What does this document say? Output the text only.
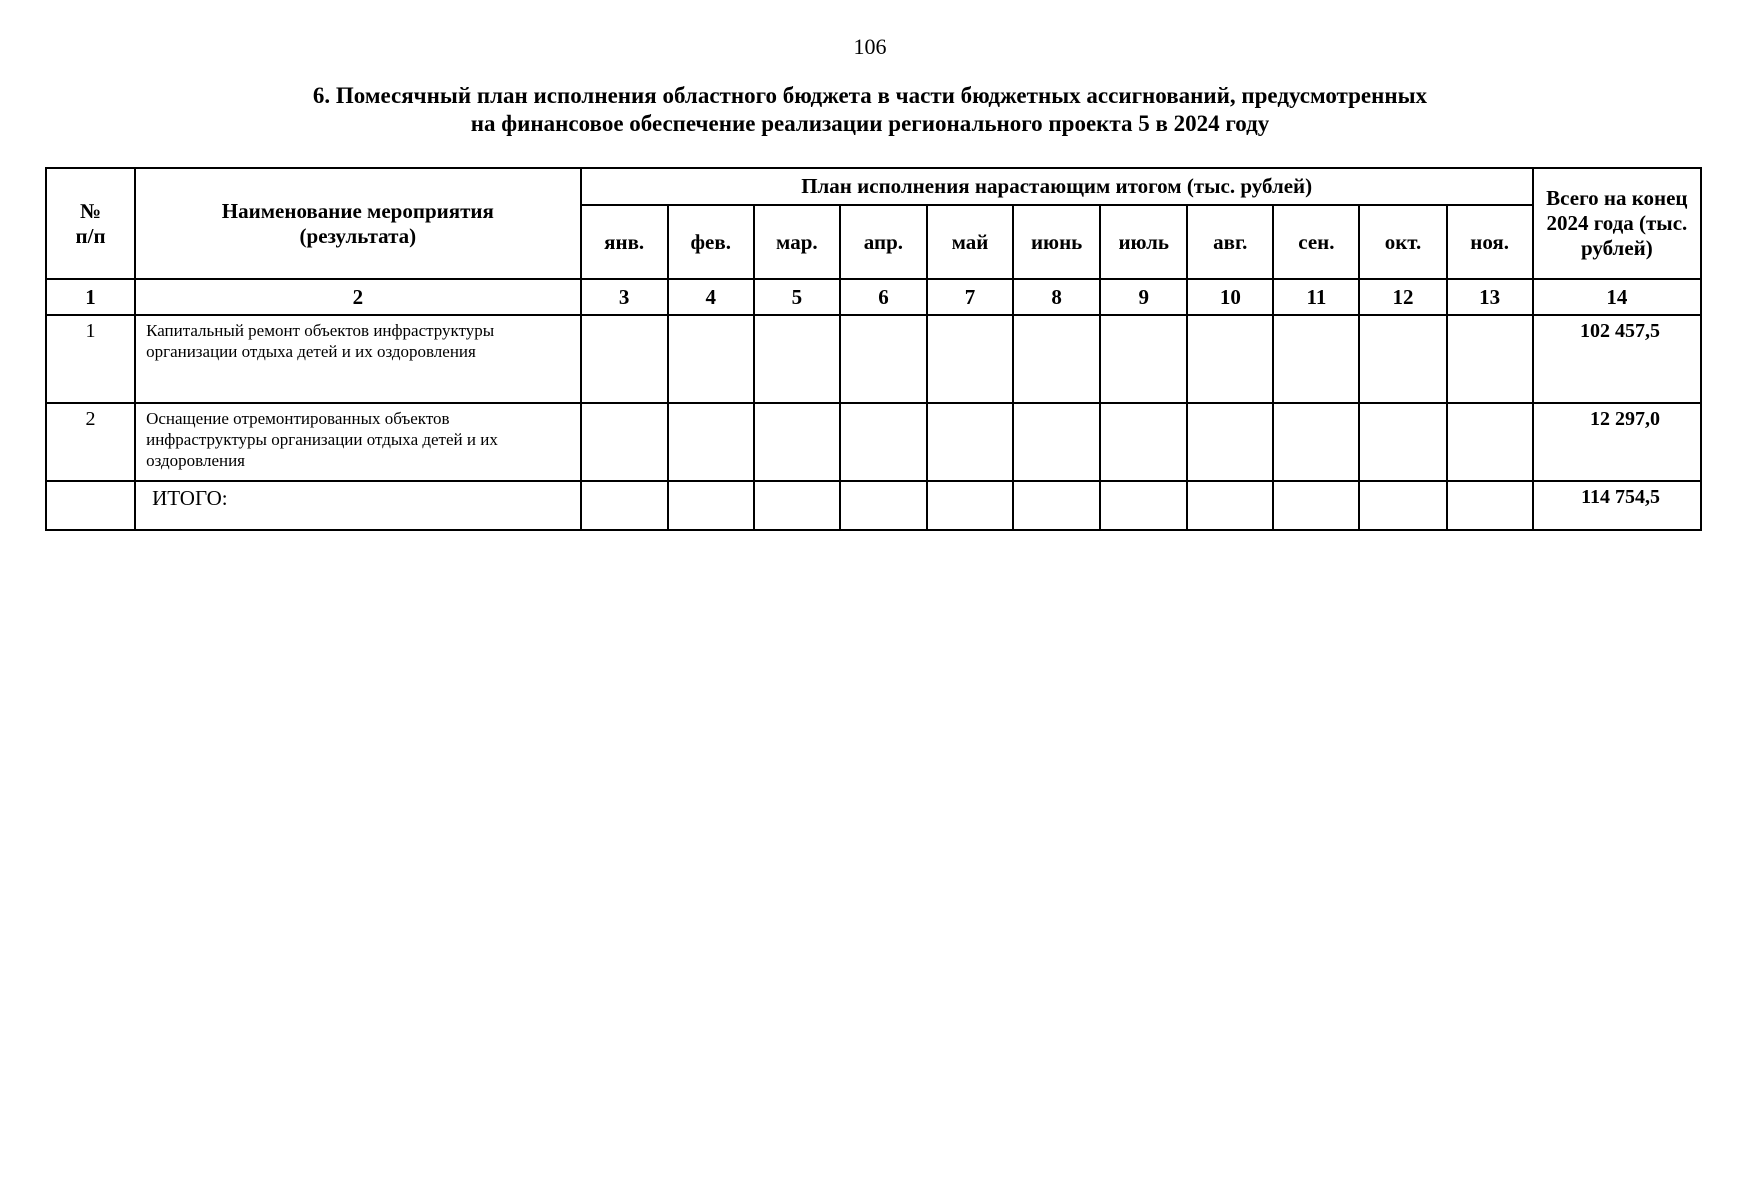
106
6. Помесячный план исполнения областного бюджета в части бюджетных ассигнований, предусмотренных
на финансовое обеспечение реализации регионального проекта 5 в 2024 году
№ п/п	Наименование мероприятия (результата)	План исполнения нарастающим итогом (тыс. рублей)											Всего на конец 2024 года (тыс. рублей)
		янв.	фев.	мар.	апр.	май	июнь	июль	авг.	сен.	окт.	ноя.	
1	2	3	4	5	6	7	8	9	10	11	12	13	14
1	Капитальный ремонт объектов инфраструктуры организации отдыха детей и их оздоровления												102 457,5
2	Оснащение отремонтированных объектов инфраструктуры организации отдыха детей и их оздоровления												12 297,0
	ИТОГО:												114 754,5
